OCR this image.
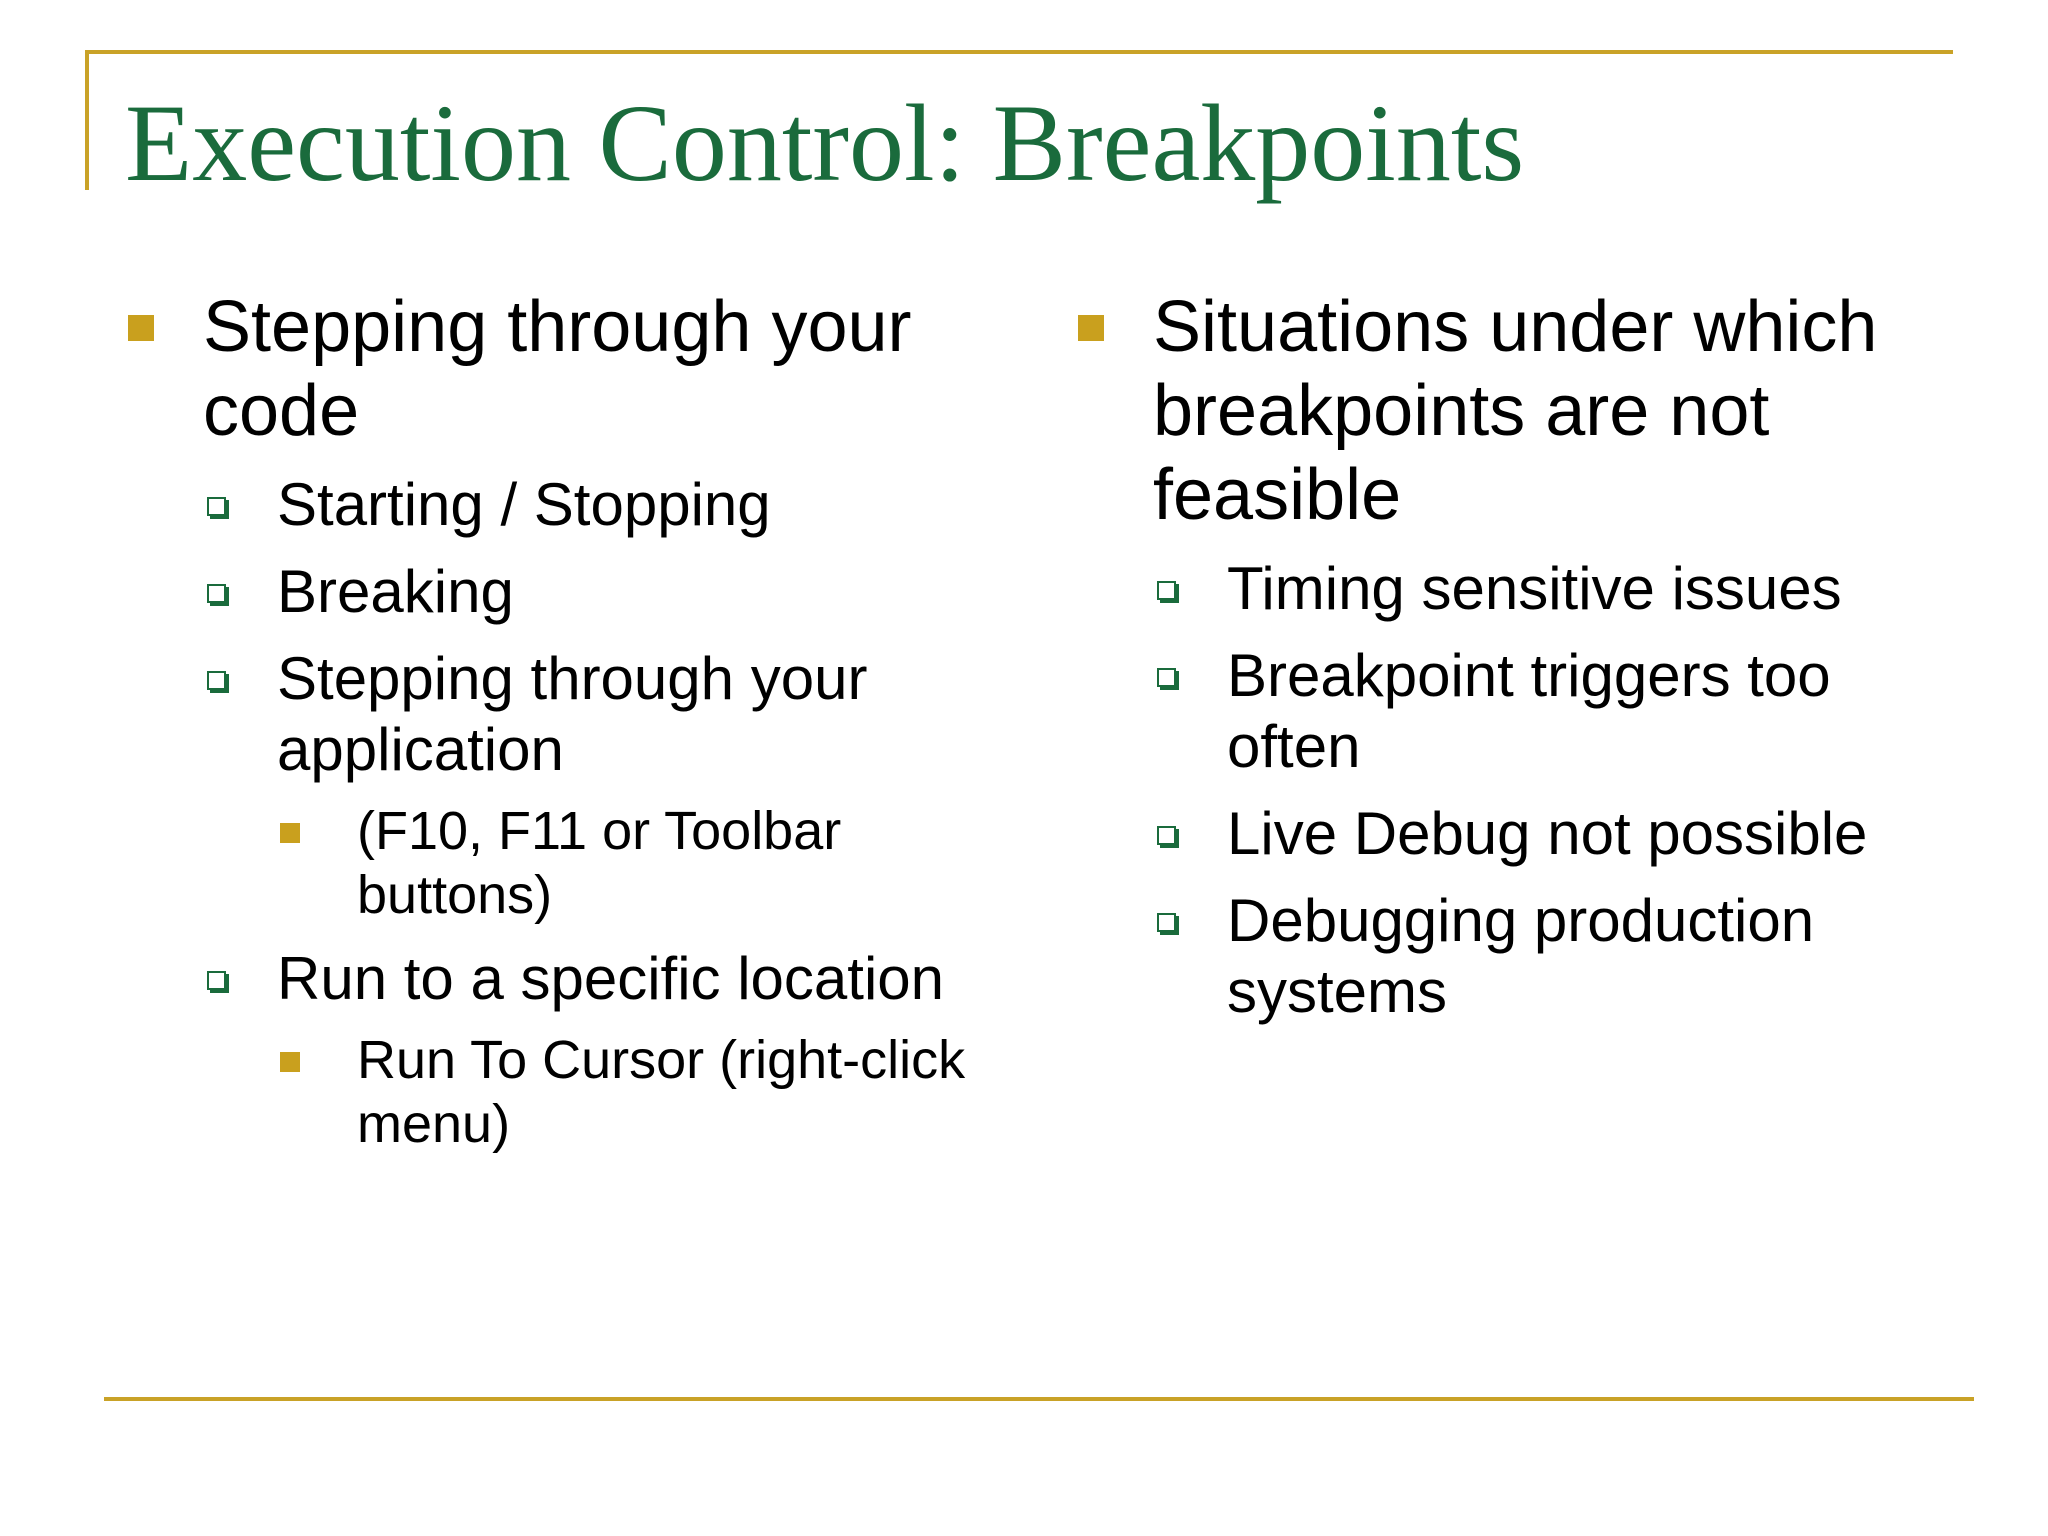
Execution Control: Breakpoints
Stepping through your code
Starting / Stopping
Breaking
Stepping through your application
(F10, F11 or Toolbar buttons)
Run to a specific location
Run To Cursor (right-click menu)
Situations under which breakpoints are not feasible
Timing sensitive issues
Breakpoint triggers too often
Live Debug not possible
Debugging production systems
